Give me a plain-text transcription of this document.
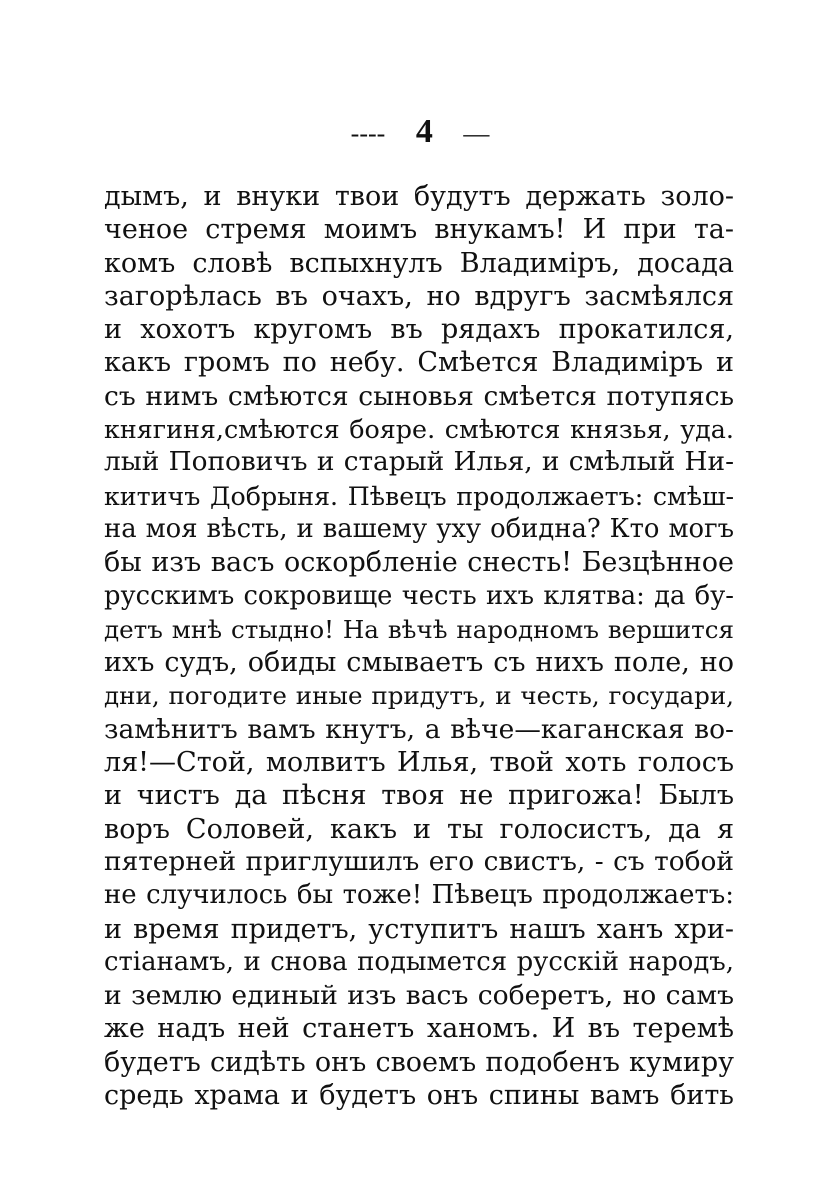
---- 4 —
дымъ, и внуки твои будутъ держать золо-
ченое стремя моимъ внукамъ! И при та-
комъ словѣ вспыхнулъ Владиміръ, досада
загорѣлась въ очахъ, но вдругъ засмѣялся
и хохотъ кругомъ въ рядахъ прокатился,
какъ громъ по небу. Смѣется Владиміръ и
съ нимъ смѣются сыновья смѣется потупясь
княгиня,смѣются бояре. смѣются князья, уда.
лый Поповичъ и старый Илья, и смѣлый Ни-
китичъ Добрыня. Пѣвецъ продолжаетъ: смѣш-
на моя вѣсть, и вашему уху обидна? Кто могъ
бы изъ васъ оскорбленіе снесть! Безцѣнное
русскимъ сокровище честь ихъ клятва: да бу-
детъ мнѣ стыдно! На вѣчѣ народномъ вершится
ихъ судъ, обиды смываетъ съ нихъ поле, но
дни, погодите иные придутъ, и честь, государи,
замѣнитъ вамъ кнутъ, а вѣче—каганская во-
ля!—Стой, молвитъ Илья, твой хоть голосъ
и чистъ да пѣсня твоя не пригожа! Былъ
воръ Соловей, какъ и ты голосистъ, да я
пятерней приглушилъ его свистъ, - съ тобой
не случилось бы тоже! Пѣвецъ продолжаетъ:
и время придетъ, уступитъ нашъ ханъ хри-
стіанамъ, и снова подымется русскій народъ,
и землю единый изъ васъ соберетъ, но самъ
же надъ ней станетъ ханомъ. И въ теремѣ
будетъ сидѣть онъ своемъ подобенъ кумиру
средь храма и будетъ онъ спины вамъ бить
